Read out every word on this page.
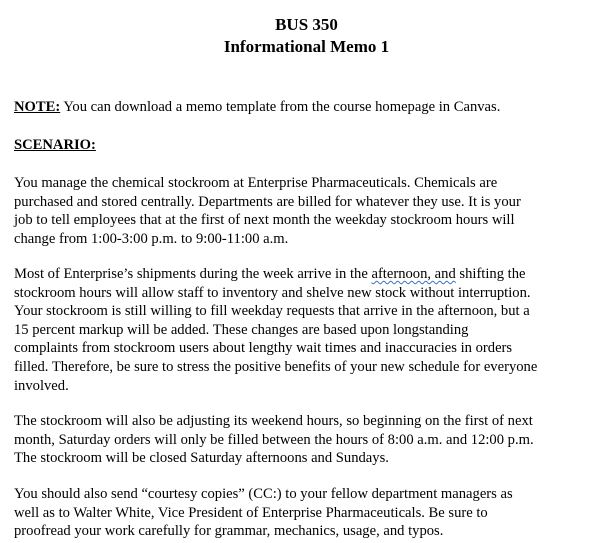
BUS 350
Informational Memo 1

NOTE: You can download a memo template from the course homepage in Canvas.

SCENARIO:

You manage the chemical stockroom at Enterprise Pharmaceuticals. Chemicals are
purchased and stored centrally. Departments are billed for whatever they use. It is your
job to tell employees that at the first of next month the weekday stockroom hours will
change from 1:00-3:00 p.m. to 9:00-11:00 a.m.

Most of Enterprise’s shipments during the week arrive in the afternoon, and shifting the
stockroom hours will allow staff to inventory and shelve new stock without interruption.
Your stockroom is still willing to fill weekday requests that arrive in the afternoon, but a
15 percent markup will be added. These changes are based upon longstanding
complaints from stockroom users about lengthy wait times and inaccuracies in orders
filled. Therefore, be sure to stress the positive benefits of your new schedule for everyone
involved.

The stockroom will also be adjusting its weekend hours, so beginning on the first of next
month, Saturday orders will only be filled between the hours of 8:00 a.m. and 12:00 p.m.
The stockroom will be closed Saturday afternoons and Sundays.

You should also send “courtesy copies” (CC:) to your fellow department managers as
well as to Walter White, Vice President of Enterprise Pharmaceuticals. Be sure to
proofread your work carefully for grammar, mechanics, usage, and typos.
